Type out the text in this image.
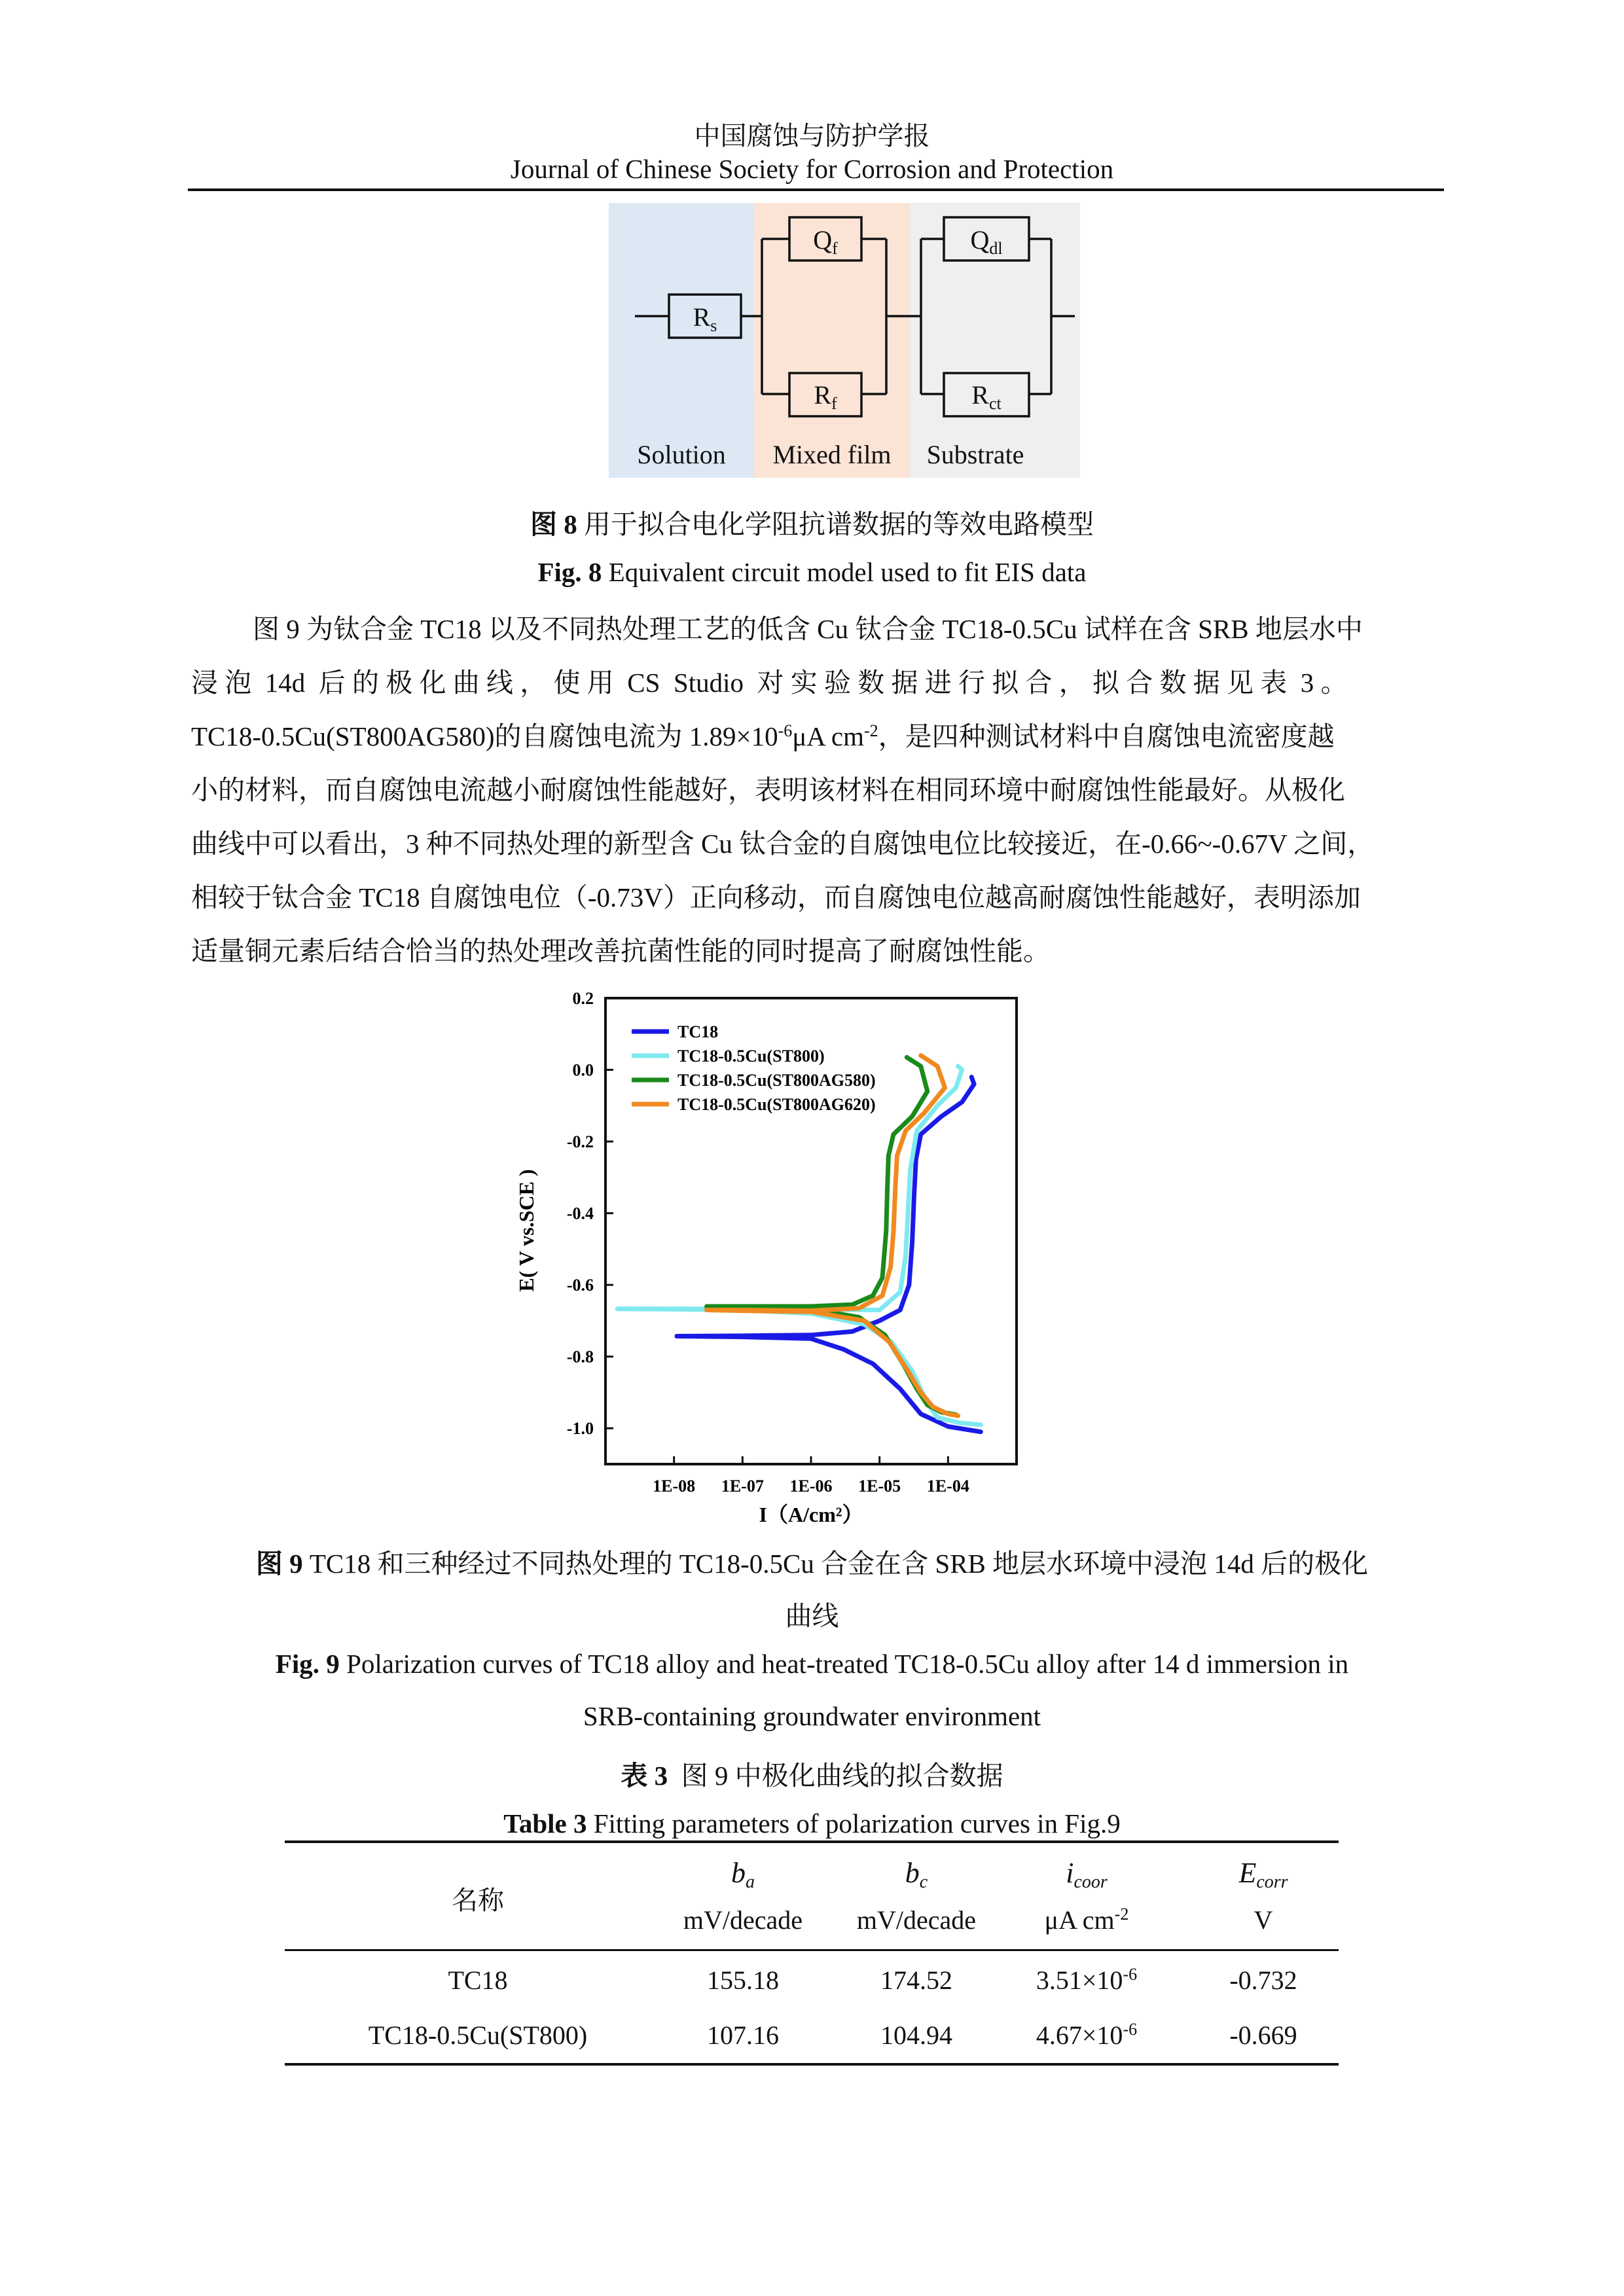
中国腐蚀与防护学报
Journal of Chinese Society for Corrosion and Protection
$R_s$
$Q_f$
$R_f$
$Q_{dl}$
$R_{ct}$
Solution Mixed film Substrate
图 8 用于拟合电化学阻抗谱数据的等效电路模型
Fig. 8 Equivalent circuit model used to fit EIS data
图 9 为钛合金 TC18 以及不同热处理工艺的低含 Cu 钛合金 TC18-0.5Cu 试样在含 SRB 地层水中
浸 泡  14d  后 的 极 化 曲 线 ， 使 用  CS  Studio  对 实 验 数 据 进 行 拟 合 ， 拟 合 数 据 见 表  3 。
TC18-0.5Cu(ST800AG580)的自腐蚀电流为 $1.89\times 10^{-6}\mu A$ $cm^{-2}$，是四种测试材料中自腐蚀电流密度越
小的材料，而自腐蚀电流越小耐腐蚀性能越好，表明该材料在相同环境中耐腐蚀性能最好。从极化
曲线中可以看出，3 种不同热处理的新型含 Cu 钛合金的自腐蚀电位比较接近，在-0.66~-0.67V 之间，
相较于钛合金 TC18 自腐蚀电位（-0.73V）正向移动，而自腐蚀电位越高耐腐蚀性能越好，表明添加
适量铜元素后结合恰当的热处理改善抗菌性能的同时提高了耐腐蚀性能。
0.2
0.0
-0.2
-0.4
-0.6
-0.8
-1.0
1E-08 1E-07 1E-06 1E-05 1E-04
TC18
TC18-0.5Cu(ST800)
TC18-0.5Cu(ST800AG580)
TC18-0.5Cu(ST800AG620)
E( V vs.SCE )
I（A/cm²）
图 9 TC18 和三种经过不同热处理的 TC18-0.5Cu 合金在含 SRB 地层水环境中浸泡 14d 后的极化
曲线
Fig. 9 Polarization curves of TC18 alloy and heat-treated TC18-0.5Cu alloy after 14 d immersion in
SRB-containing groundwater environment
表 3  图 9 中极化曲线的拟合数据
Table 3 Fitting parameters of polarization curves in Fig.9
名称
$b_a$	$b_c$	$i_{coor}$	$E_{corr}$
mV/decade	mV/decade	μA $cm^{-2}$	V
TC18	155.18	174.52	$3.51\times 10^{-6}$	-0.732
TC18-0.5Cu(ST800)	107.16	104.94	$4.67\times 10^{-6}$	-0.669
